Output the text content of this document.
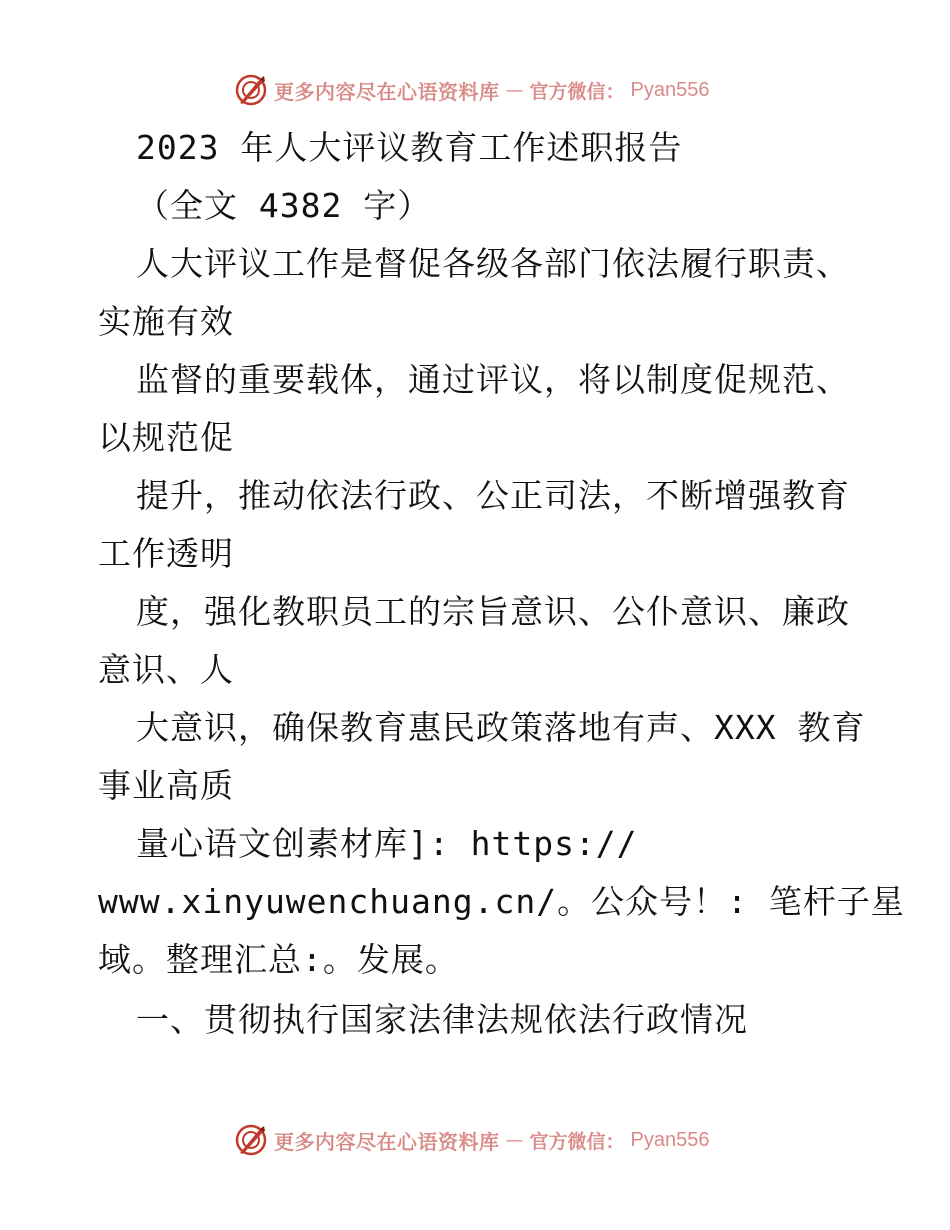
更多内容尽在心语资料库 — 官方微信： Pyan556
2023 年人大评议教育工作述职报告
（全文 4382 字）
人大评议工作是督促各级各部门依法履行职责、
实施有效
监督的重要载体，通过评议，将以制度促规范、
以规范促
提升，推动依法行政、公正司法，不断增强教育
工作透明
度，强化教职员工的宗旨意识、公仆意识、廉政
意识、人
大意识，确保教育惠民政策落地有声、XXX 教育
事业高质
量心语文创素材库]: https://
www.xinyuwenchuang.cn/。公众号！: 笔杆子星
域。整理汇总:。发展。
一、贯彻执行国家法律法规依法行政情况
更多内容尽在心语资料库 — 官方微信： Pyan556
